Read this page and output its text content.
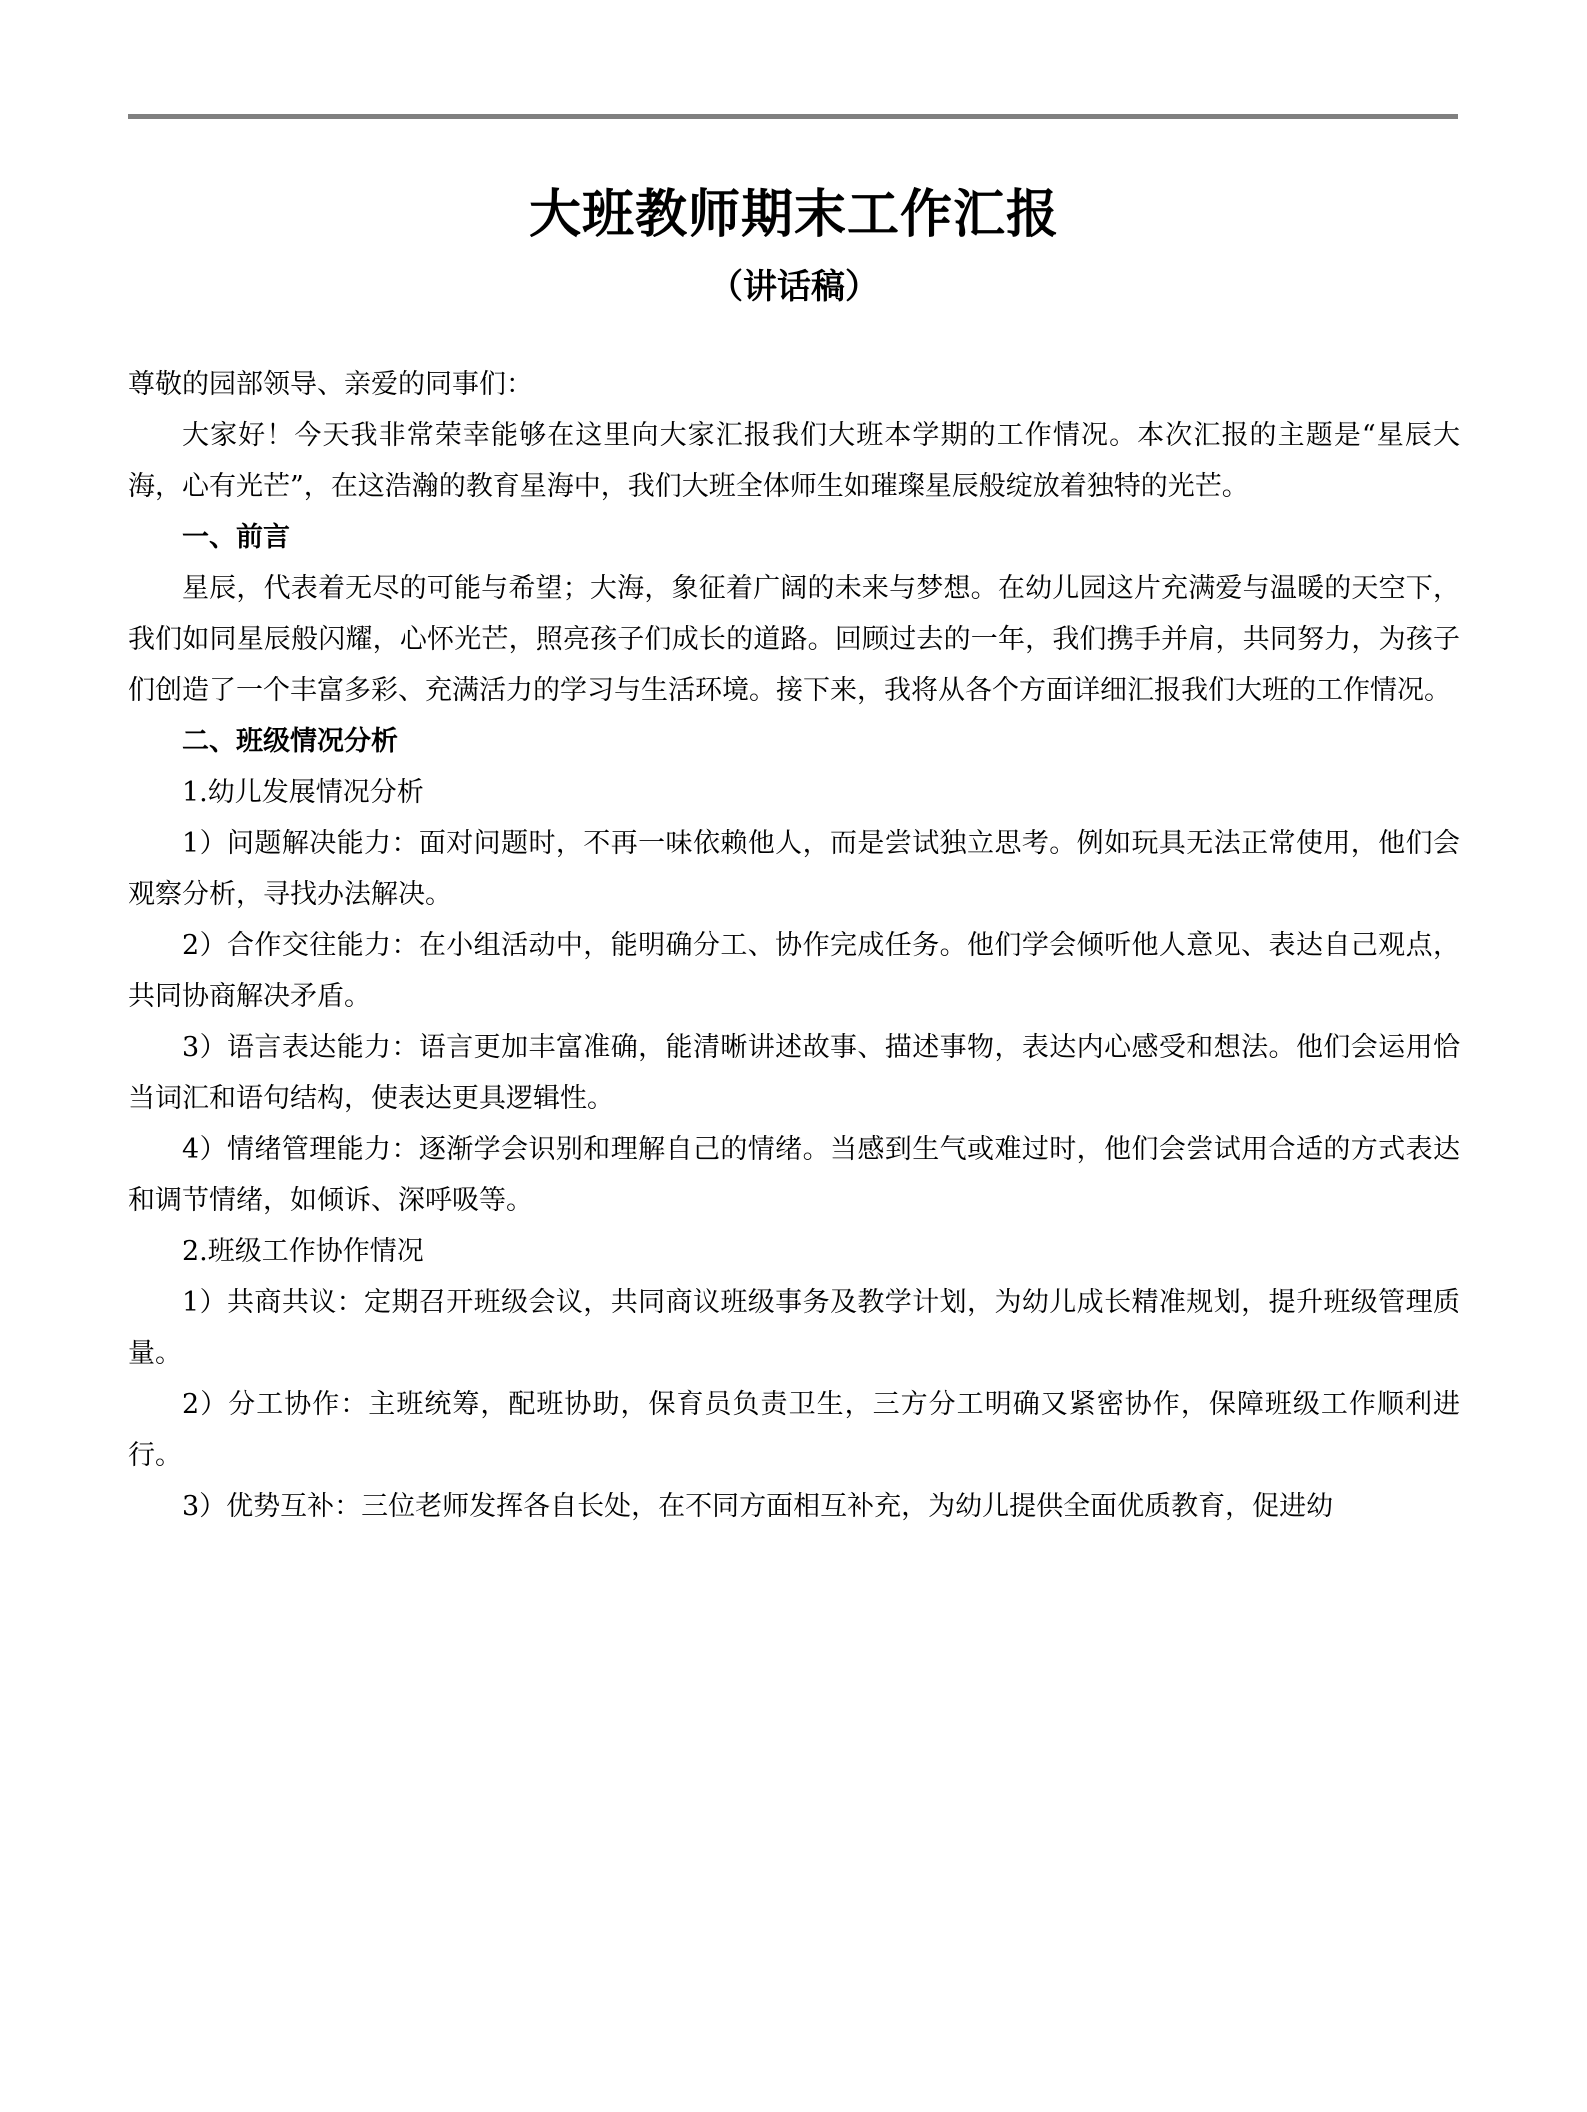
大班教师期末工作汇报
（讲话稿）

尊敬的园部领导、亲爱的同事们：

大家好！今天我非常荣幸能够在这里向大家汇报我们大班本学期的工作情况。本次汇报的主题是“星辰大海，心有光芒”，在这浩瀚的教育星海中，我们大班全体师生如璀璨星辰般绽放着独特的光芒。

一、前言

星辰，代表着无尽的可能与希望；大海，象征着广阔的未来与梦想。在幼儿园这片充满爱与温暖的天空下，我们如同星辰般闪耀，心怀光芒，照亮孩子们成长的道路。回顾过去的一年，我们携手并肩，共同努力，为孩子们创造了一个丰富多彩、充满活力的学习与生活环境。接下来，我将从各个方面详细汇报我们大班的工作情况。

二、班级情况分析

1.幼儿发展情况分析

1）问题解决能力：面对问题时，不再一味依赖他人，而是尝试独立思考。例如玩具无法正常使用，他们会观察分析，寻找办法解决。

2）合作交往能力：在小组活动中，能明确分工、协作完成任务。他们学会倾听他人意见、表达自己观点，共同协商解决矛盾。

3）语言表达能力：语言更加丰富准确，能清晰讲述故事、描述事物，表达内心感受和想法。他们会运用恰当词汇和语句结构，使表达更具逻辑性。

4）情绪管理能力：逐渐学会识别和理解自己的情绪。当感到生气或难过时，他们会尝试用合适的方式表达和调节情绪，如倾诉、深呼吸等。

2.班级工作协作情况

1）共商共议：定期召开班级会议，共同商议班级事务及教学计划，为幼儿成长精准规划，提升班级管理质量。

2）分工协作：主班统筹，配班协助，保育员负责卫生，三方分工明确又紧密协作，保障班级工作顺利进行。

3）优势互补：三位老师发挥各自长处，在不同方面相互补充，为幼儿提供全面优质教育，促进幼
